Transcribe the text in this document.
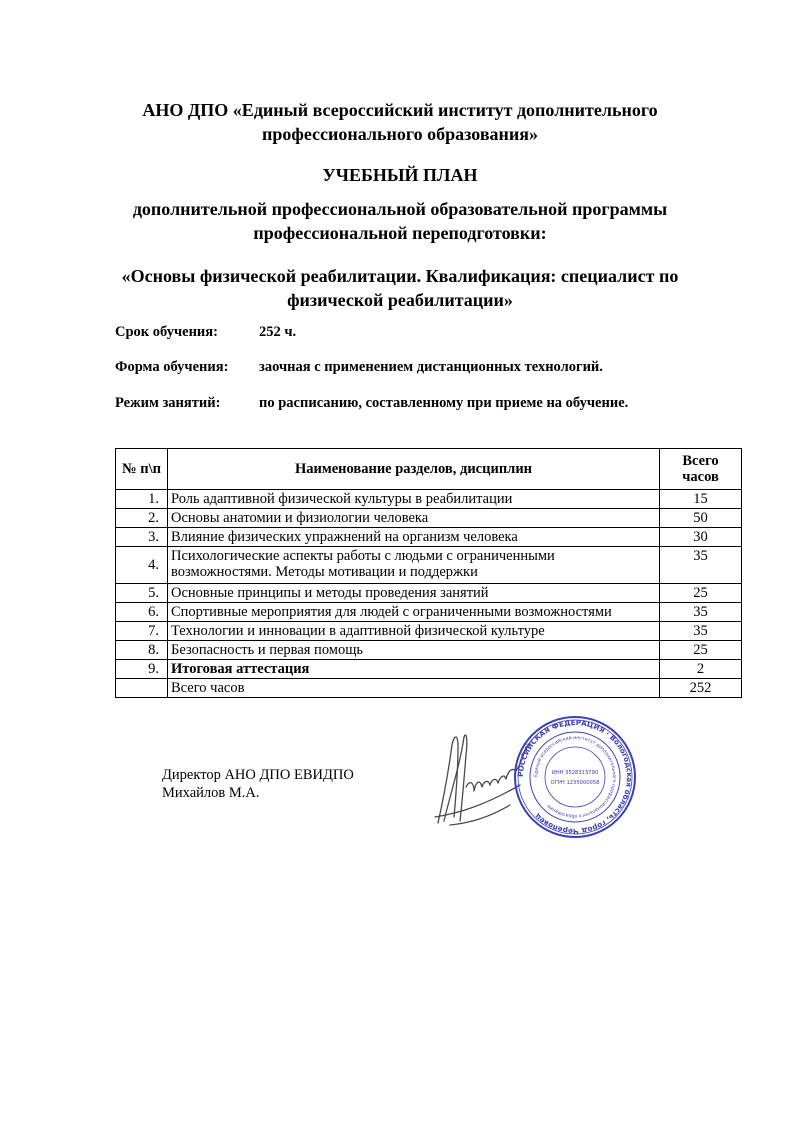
АНО ДПО «Единый всероссийский институт дополнительного
профессионального образования»
УЧЕБНЫЙ ПЛАН
дополнительной профессиональной образовательной программы
профессиональной переподготовки:
«Основы физической реабилитации. Квалификация: специалист по
физической реабилитации»
Срок обучения:	252 ч.
Форма обучения: заочная с применением дистанционных технологий.
Режим занятий:	по расписанию, составленному при приеме на обучение.
№ п\п	Наименование разделов, дисциплин	Всего
часов

1.	Роль адаптивной физической культуры в реабилитации	15
2.	Основы анатомии и физиологии человека	50
3.	Влияние физических упражнений на организм человека	30
4.	Психологические аспекты работы с людьми с ограниченными
возможностями. Методы мотивации и поддержки	35
5.	Основные принципы и методы проведения занятий	25
6.	Спортивные мероприятия для людей с ограниченными возможностями	35
7.	Технологии и инновации в адаптивной физической культуре	35
8.	Безопасность и первая помощь	25
9.	Итоговая аттестация	2
	Всего часов	252
Директор АНО ДПО ЕВИДПО
Михайлов М.А.
РОССИЙСКАЯ ФЕДЕРАЦИЯ · Вологодская область, город Череповец
Единый всероссийский институт дополнительного профессионального образования
ИНН 3528313790
ОГРН 1235000058
